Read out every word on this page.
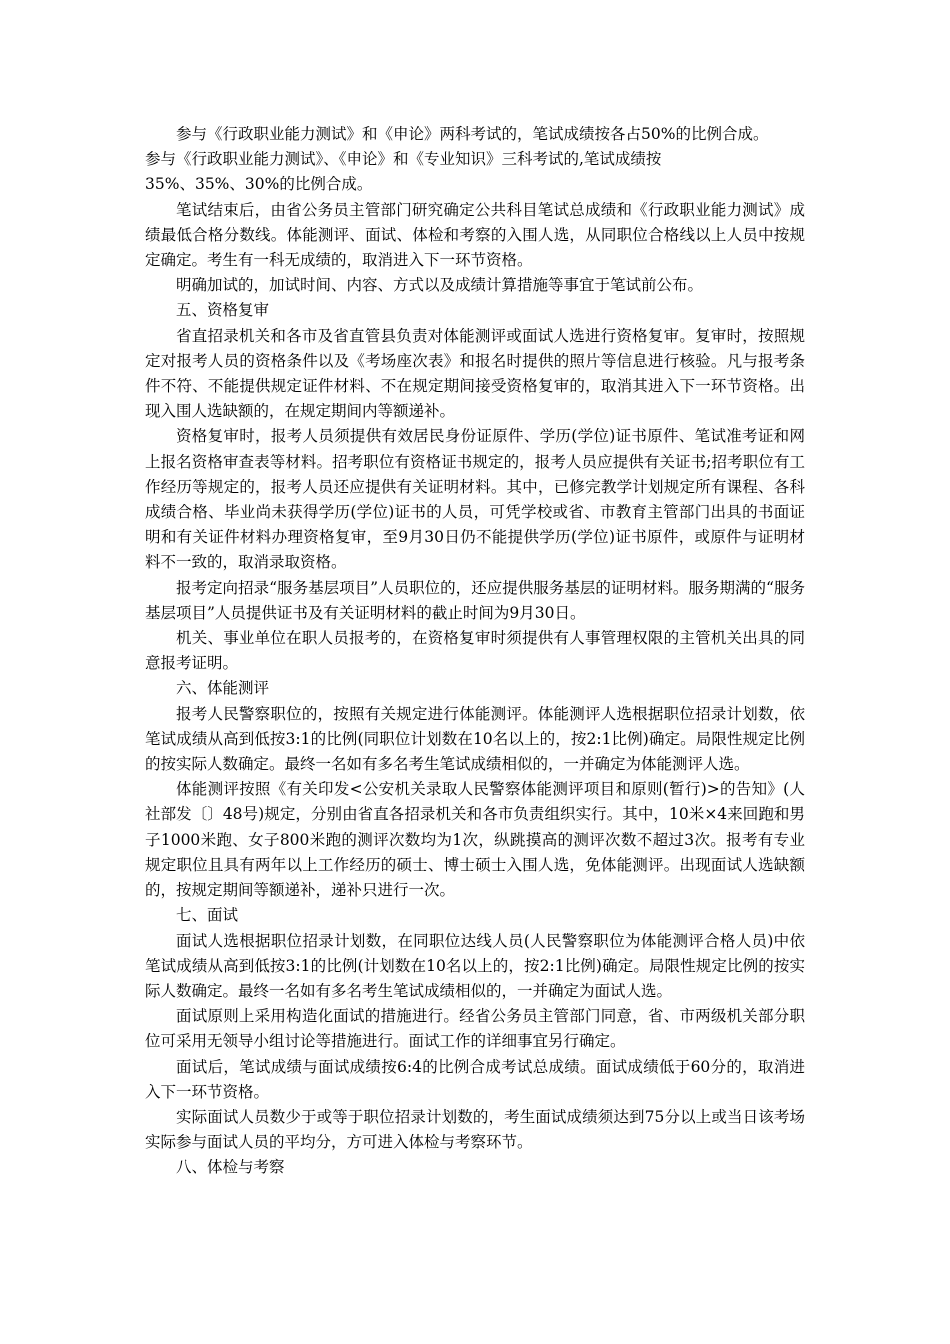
参与《行政职业能力测试》和《申论》两科考试的，笔试成绩按各占50%的比例合成。

参与《行政职业能力测试》、《申论》和《专业知识》三科考试的,笔试成绩按
35%、35%、30%的比例合成。

笔试结束后，由省公务员主管部门研究确定公共科目笔试总成绩和《行政职业能力测试》成绩最低合格分数线。体能测评、面试、体检和考察的入围人选，从同职位合格线以上人员中按规定确定。考生有一科无成绩的，取消进入下一环节资格。

明确加试的，加试时间、内容、方式以及成绩计算措施等事宜于笔试前公布。

五、资格复审

省直招录机关和各市及省直管县负责对体能测评或面试人选进行资格复审。复审时，按照规定对报考人员的资格条件以及《考场座次表》和报名时提供的照片等信息进行核验。凡与报考条件不符、不能提供规定证件材料、不在规定期间接受资格复审的，取消其进入下一环节资格。出现入围人选缺额的，在规定期间内等额递补。

资格复审时，报考人员须提供有效居民身份证原件、学历(学位)证书原件、笔试准考证和网上报名资格审查表等材料。招考职位有资格证书规定的，报考人员应提供有关证书;招考职位有工作经历等规定的，报考人员还应提供有关证明材料。其中，已修完教学计划规定所有课程、各科成绩合格、毕业尚未获得学历(学位)证书的人员，可凭学校或省、市教育主管部门出具的书面证明和有关证件材料办理资格复审，至9月30日仍不能提供学历(学位)证书原件，或原件与证明材料不一致的，取消录取资格。

报考定向招录“服务基层项目”人员职位的，还应提供服务基层的证明材料。服务期满的“服务基层项目”人员提供证书及有关证明材料的截止时间为9月30日。

机关、事业单位在职人员报考的，在资格复审时须提供有人事管理权限的主管机关出具的同意报考证明。

六、体能测评

报考人民警察职位的，按照有关规定进行体能测评。体能测评人选根据职位招录计划数，依笔试成绩从高到低按3:1的比例(同职位计划数在10名以上的，按2:1比例)确定。局限性规定比例的按实际人数确定。最终一名如有多名考生笔试成绩相似的，一并确定为体能测评人选。

体能测评按照《有关印发<公安机关录取人民警察体能测评项目和原则(暂行)>的告知》(人社部发〔〕48号)规定，分别由省直各招录机关和各市负责组织实行。其中，10米×4来回跑和男子1000米跑、女子800米跑的测评次数均为1次，纵跳摸高的测评次数不超过3次。报考有专业规定职位且具有两年以上工作经历的硕士、博士硕士入围人选，免体能测评。出现面试人选缺额的，按规定期间等额递补，递补只进行一次。

七、面试

面试人选根据职位招录计划数，在同职位达线人员(人民警察职位为体能测评合格人员)中依笔试成绩从高到低按3:1的比例(计划数在10名以上的，按2:1比例)确定。局限性规定比例的按实际人数确定。最终一名如有多名考生笔试成绩相似的，一并确定为面试人选。

面试原则上采用构造化面试的措施进行。经省公务员主管部门同意，省、市两级机关部分职位可采用无领导小组讨论等措施进行。面试工作的详细事宜另行确定。

面试后，笔试成绩与面试成绩按6:4的比例合成考试总成绩。面试成绩低于60分的，取消进入下一环节资格。

实际面试人员数少于或等于职位招录计划数的，考生面试成绩须达到75分以上或当日该考场实际参与面试人员的平均分，方可进入体检与考察环节。

八、体检与考察
